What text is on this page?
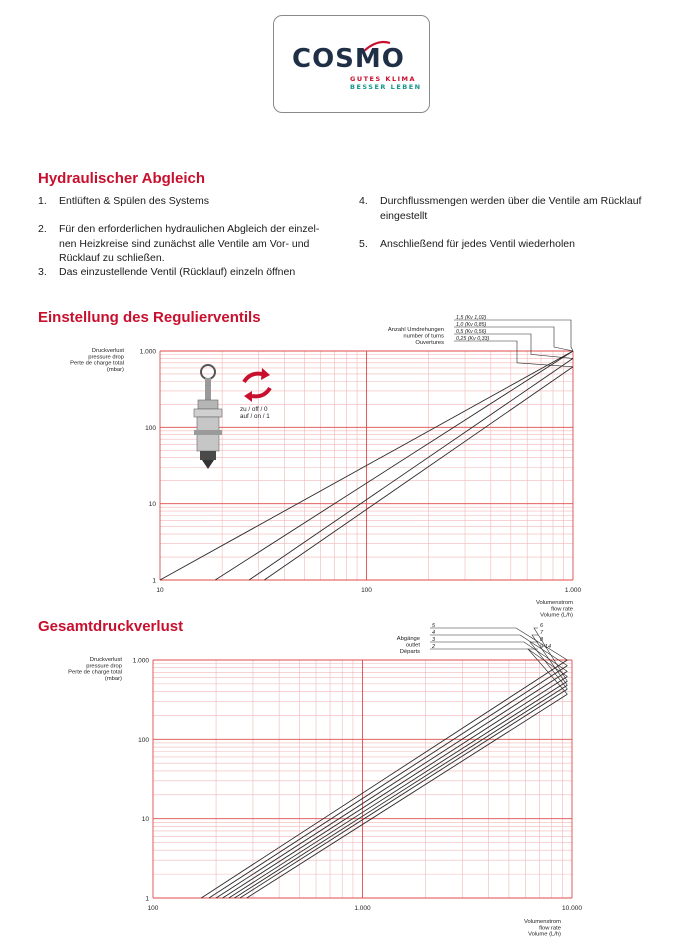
COSMO
GUTES KLIMA
BESSER LEBEN
Hydraulischer Abgleich
1. Entlüften & Spülen des Systems
2. Für den erforderlichen hydraulichen Abgleich der einzel-
nen Heizkreise sind zunächst alle Ventile am Vor- und
Rücklauf zu schließen.
3. Das einzustellende Ventil (Rücklauf) einzeln öffnen
4. Durchflussmengen werden über die Ventile am Rücklauf
eingestellt
5. Anschließend für jedes Ventil wiederholen
Einstellung des Regulierventils
10	100	1.000
1
10
100
1.000
Druckverlust
pressure drop
Perte de charge total
(mbar)
Volumenstrom
flow rate
Volume (L/h)
Anzahl Umdrehungen
number of turns
Ouvertures
1,5 (Kv 1,02)
1,0 (Kv 0,85)
0,5 (Kv 0,56)
0,25 (Kv 0,33)
zu / off / 0
auf / on / 1
Gesamtdruckverlust
100	1.000	10.000
1
10
100
1.000
Druckverlust
pressure drop
Perte de charge total
(mbar)
Volumenstrom
flow rate
Volume (L/h)
Abgänge
outlet
Départs
5
4
3
2
6
7
8
9-14
